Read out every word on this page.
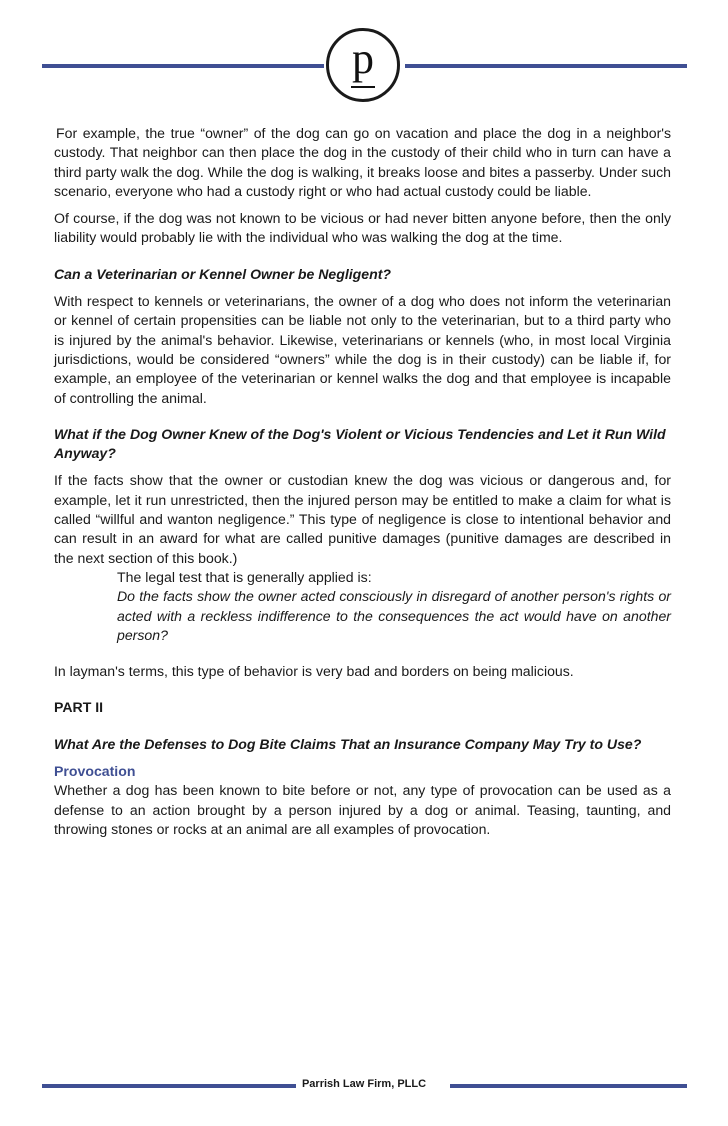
p

For example, the true “owner” of the dog can go on vacation and place the dog in a neighbor's custody. That neighbor can then place the dog in the custody of their child who in turn can have a third party walk the dog. While the dog is walking, it breaks loose and bites a passerby. Under such scenario, everyone who had a custody right or who had actual custody could be liable.

Of course, if the dog was not known to be vicious or had never bitten anyone before, then the only liability would probably lie with the individual who was walking the dog at the time.

Can a Veterinarian or Kennel Owner be Negligent?

With respect to kennels or veterinarians, the owner of a dog who does not inform the veterinarian or kennel of certain propensities can be liable not only to the veterinarian, but to a third party who is injured by the animal's behavior. Likewise, veterinarians or kennels (who, in most local Virginia jurisdictions, would be considered “owners” while the dog is in their custody) can be liable if, for example, an employee of the veterinarian or kennel walks the dog and that employee is incapable of controlling the animal.

What if the Dog Owner Knew of the Dog's Violent or Vicious Tendencies and Let it Run Wild Anyway?

If the facts show that the owner or custodian knew the dog was vicious or dangerous and, for example, let it run unrestricted, then the injured person may be entitled to make a claim for what is called “willful and wanton negligence.” This type of negligence is close to intentional behavior and can result in an award for what are called punitive damages (punitive damages are described in the next section of this book.)

The legal test that is generally applied is:

Do the facts show the owner acted consciously in disregard of another person's rights or acted with a reckless indifference to the consequences the act would have on another person?

In layman's terms, this type of behavior is very bad and borders on being malicious.

PART II

What Are the Defenses to Dog Bite Claims That an Insurance Company May Try to Use?

Provocation

Whether a dog has been known to bite before or not, any type of provocation can be used as a defense to an action brought by a person injured by a dog or animal. Teasing, taunting, and throwing stones or rocks at an animal are all examples of provocation.

Parrish Law Firm, PLLC
